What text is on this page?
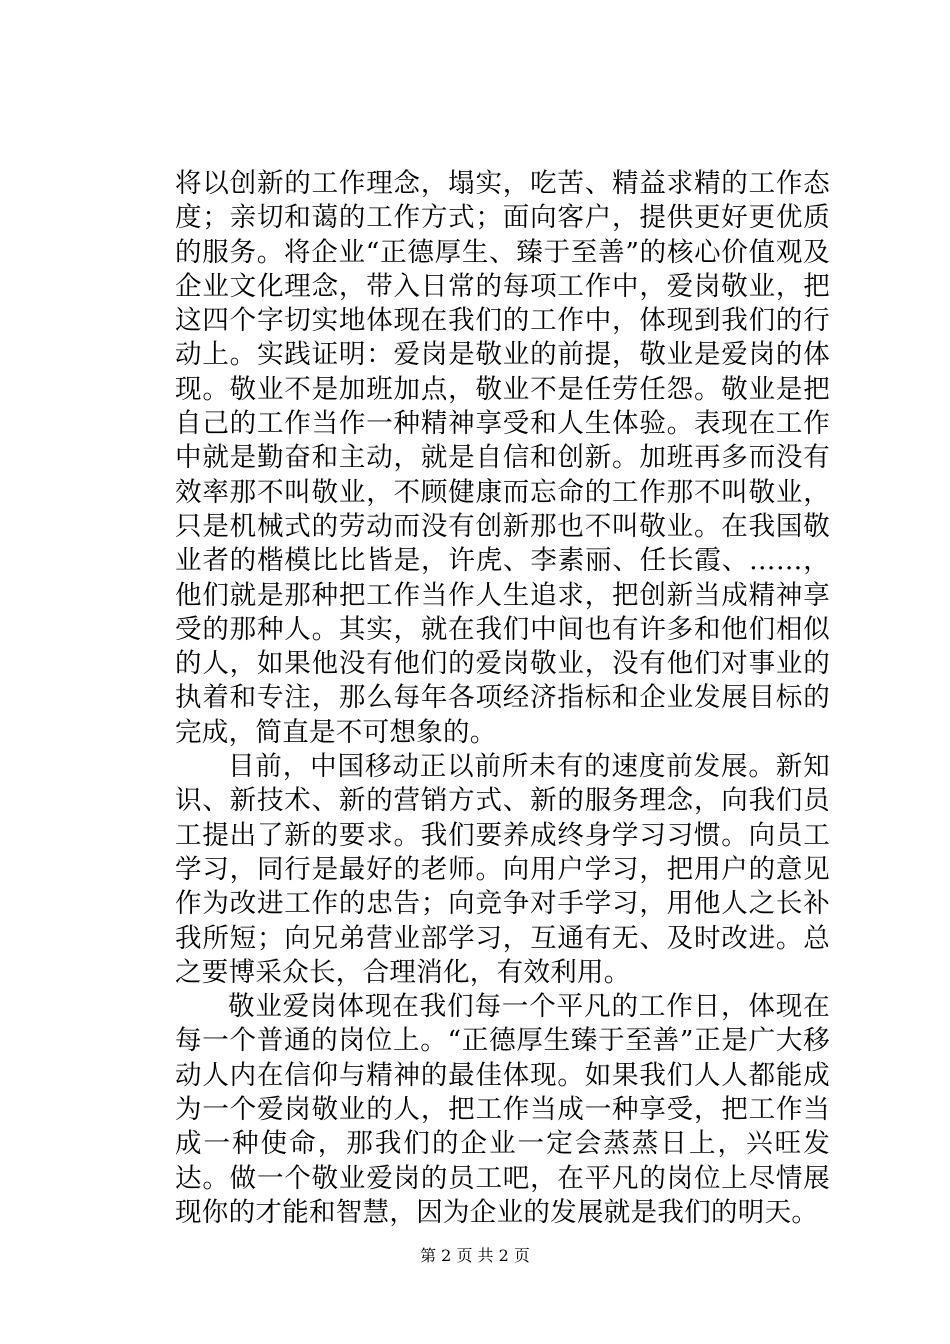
将以创新的工作理念，塌实，吃苦、精益求精的工作态度；亲切和蔼的工作方式；面向客户，提供更好更优质的服务。将企业“正德厚生、臻于至善”的核心价值观及企业文化理念，带入日常的每项工作中，爱岗敬业，把这四个字切实地体现在我们的工作中，体现到我们的行动上。实践证明：爱岗是敬业的前提，敬业是爱岗的体现。敬业不是加班加点，敬业不是任劳任怨。敬业是把自己的工作当作一种精神享受和人生体验。表现在工作中就是勤奋和主动，就是自信和创新。加班再多而没有效率那不叫敬业，不顾健康而忘命的工作那不叫敬业，只是机械式的劳动而没有创新那也不叫敬业。在我国敬业者的楷模比比皆是，许虎、李素丽、任长霞、……，他们就是那种把工作当作人生追求，把创新当成精神享受的那种人。其实，就在我们中间也有许多和他们相似的人，如果他没有他们的爱岗敬业，没有他们对事业的执着和专注，那么每年各项经济指标和企业发展目标的完成，简直是不可想象的。

目前，中国移动正以前所未有的速度前发展。新知识、新技术、新的营销方式、新的服务理念，向我们员工提出了新的要求。我们要养成终身学习习惯。向员工学习，同行是最好的老师。向用户学习，把用户的意见作为改进工作的忠告；向竞争对手学习，用他人之长补我所短；向兄弟营业部学习，互通有无、及时改进。总之要博采众长，合理消化，有效利用。

敬业爱岗体现在我们每一个平凡的工作日，体现在每一个普通的岗位上。“正德厚生臻于至善”正是广大移动人内在信仰与精神的最佳体现。如果我们人人都能成为一个爱岗敬业的人，把工作当成一种享受，把工作当成一种使命，那我们的企业一定会蒸蒸日上，兴旺发达。做一个敬业爱岗的员工吧，在平凡的岗位上尽情展现你的才能和智慧，因为企业的发展就是我们的明天。

第 2 页 共 2 页
